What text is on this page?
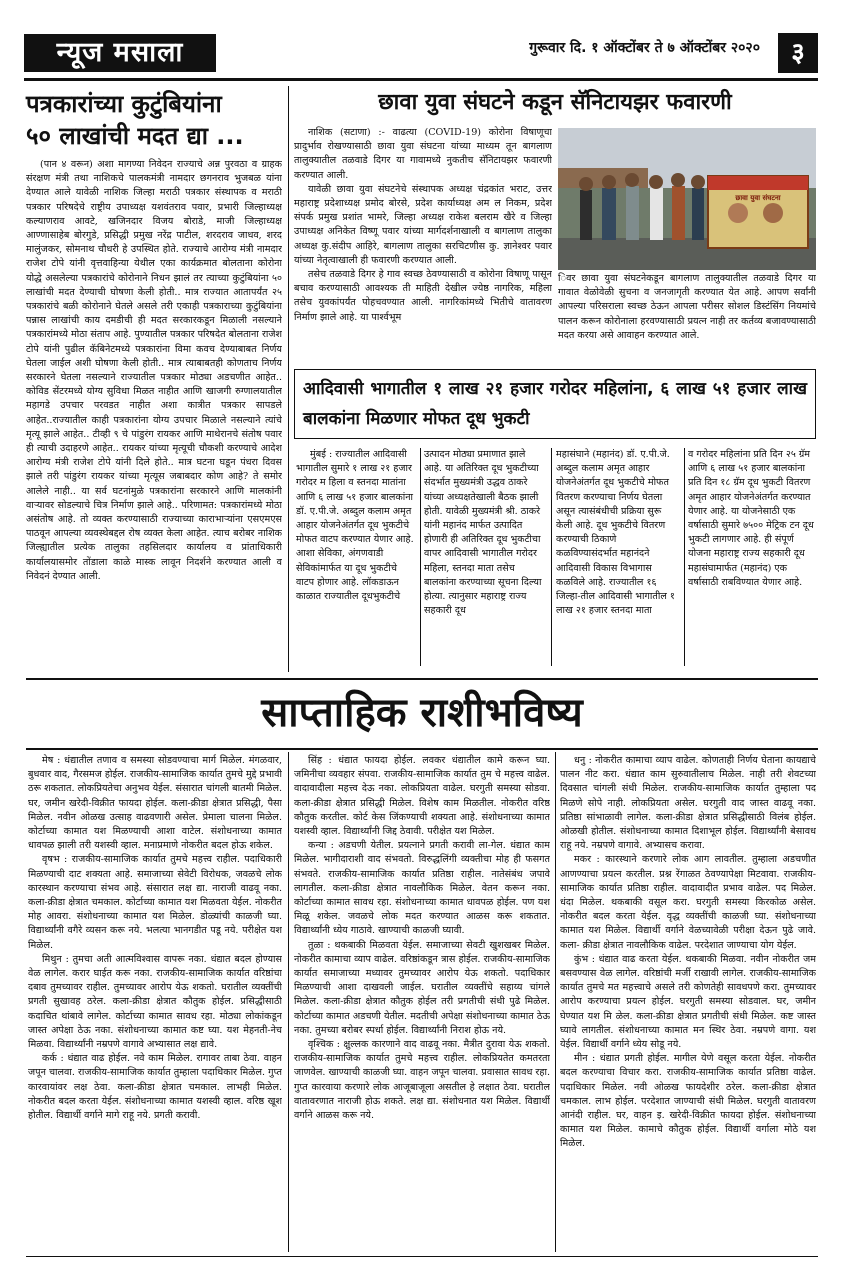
न्यूज मसाला	गुरूवार दि. १ ऑक्टोंबर ते ७ ऑक्टोंबर २०२०	३
पत्रकारांच्या कुटुंबियांना
५० लाखांची मदत द्या ...

(पान ४ वरून) अशा मागण्या निवेदन राज्याचे अन्न पुरवठा व ग्राहक संरक्षण मंत्री तथा नाशिकचे पालकमंत्री नामदार छगनराव भुजबळ यांना देण्यात आले यावेळी नाशिक जिल्हा मराठी पत्रकार संस्थापक व मराठी पत्रकार परिषदेचे राष्ट्रीय उपाध्यक्ष यशवंतराव पवार, प्रभारी जिल्हाध्यक्ष कल्याणराव आवटे, खजिनदार विजय बोराडे, माजी जिल्हाध्यक्ष आण्णासाहेब बोरगुडे, प्रसिद्धी प्रमुख नरेंद्र पाटील, शरदराव जाधव, शरद मालुंजकर, सोमनाथ चौधरी हे उपस्थित होते. राज्याचे आरोग्य मंत्री नामदार राजेश टोपे यांनी वृत्तवाहिन्या येथील एका कार्यक्रमात बोलताना कोरोना योद्धे असलेल्या पत्रकारांचे कोरोनाने निधन झालं तर त्याच्या कुटुंबियांना ५० लाखांची मदत देण्याची घोषणा केली होती.. मात्र राज्यात आतापर्यंत २५ पत्रकारांचे बळी कोरोनाने घेतले असले तरी एकाही पत्रकाराच्या कुटुंबियांना पन्नास लाखांची काय दमडीची ही मदत सरकारकडून मिळाली नसल्याने पत्रकारांमध्ये मोठा संताप आहे. पुण्यातील पत्रकार परिषदेत बोलताना राजेश टोपे यांनी पुढील कॅबिनेटमध्ये पत्रकारांना विमा कवच देण्याबाबत निर्णय घेतला जाईल अशी घोषणा केली होती.. मात्र त्याबाबतही कोणताच निर्णय सरकारने घेतला नसल्याने राज्यातील पत्रकार मोठ्या अडचणीत आहेत.. कोविड सेंटरमध्ये योग्य सुविधा मिळत नाहीत आणि खाजगी रुग्णालयातील महागडे उपचार परवडत नाहीत अशा कात्रीत पत्रकार सापडले आहेत..राज्यातील काही पत्रकारांना योग्य उपचार मिळाले नसल्याने त्यांचे मृत्यू झाले आहेत.. टीव्ही ९ चे पांडुरंग रायकर आणि माथेरानचे संतोष पवार ही त्याची उदाहरणे आहेत.. रायकर यांच्या मृत्यूची चौकशी करण्याचे आदेश आरोग्य मंत्री राजेश टोपे यांनी दिले होते.. मात्र घटना घडून पंधरा दिवस झाले तरी पांडुरंग रायकर यांच्या मृत्यूस जबाबदार कोण आहे? ते समोर आलेले नाही.. या सर्व घटनांमुळे पत्रकारांना सरकारने आणि मालकांनी वाऱ्यावर सोडल्याचे चित्र निर्माण झाले आहे.. परिणामत: पत्रकारांमध्ये मोठा असंतोष आहे. तो व्यक्त करण्यासाठी राज्याच्या काराभाऱ्यांना एसएमएस पाठवून आपल्या व्यवस्थेबद्दल रोष व्यक्त केला आहेत. त्याच बरोबर नाशिक जिल्ह्यातील प्रत्येक तालुका तहसिलदार कार्यालय व प्रांताधिकारी कार्यालयासमोर तोंडाला काळे मास्क लावून निदर्शने करण्यात आली व निवेदनं देण्यात आली.

छावा युवा संघटने कडून सॅनिटायझर फवारणी

नाशिक (सटाणा) :- वाढत्या (COVID-19) कोरोना विषाणूचा प्रादुर्भाव रोखण्यासाठी छावा युवा संघटना यांच्या माध्यम तून बागलाण तालुक्यातील तळवाडे दिगर या गावामध्ये नुकतीच सॅनिटायझर फवारणी करण्यात आली.

यावेळी छावा युवा संघटनेचे संस्थापक अध्यक्ष चंद्रकांत भराट, उत्तर महाराष्ट्र प्रदेशाध्यक्ष प्रमोद बोरसे, प्रदेश कार्याध्यक्ष अम ल निकम, प्रदेश संपर्क प्रमुख प्रशांत भामरे, जिल्हा अध्यक्ष राकेश बलराम खैरे व जिल्हा उपाध्यक्ष अनिकेत विष्णू पवार यांच्या मार्गदर्शनाखाली व बागलाण तालुका अध्यक्ष कु.संदीप आहिरे, बागलाण तालुका सरचिटणीस कु. ज्ञानेश्वर पवार यांच्या नेतृत्वाखाली ही फवारणी करण्यात आली.

तसेच तळवाडे दिगर हे गाव स्वच्छ ठेवण्यासाठी व कोरोना विषाणू पासून बचाव करण्यासाठी आवश्यक ती माहिती देखील ज्येष्ठ नागरिक, महिला तसेच युवकांपर्यंत पोहचवण्यात आली. नागरिकांमध्ये भितीचे वातावरण निर्माण झाले आहे. या पार्श्वभूम

छावा युवा संघटना

िवर छावा युवा संघटनेकडून बागलाण तालुक्यातील तळवाडे दिगर या गावात वेळोवेळी सुचना व जनजागृती करण्यात येत आहे. आपण सर्वांनी आपल्या परिसराला स्वच्छ ठेऊन आपला परीसर सोशल डिस्टंसिंग नियमांचे पालन करून कोरोनाला हरवण्यासाठी प्रयत्न नाही तर कर्तव्य बजावण्यासाठी मदत करया असे आवाहन करण्यात आले.

आदिवासी भागातील १ लाख २१ हजार गरोदर महिलांना, ६ लाख ५१ हजार लाख बालकांना मिळणार मोफत दूध भुकटी

मुंबई : राज्यातील आदिवासी भागातील सुमारे १ लाख २१ हजार गरोदर म हिला व स्तनदा मातांना आणि ६ लाख ५१ हजार बालकांना डॉ. ए.पी.जे. अब्दुल कलाम अमृत आहार योजनेअंतर्गत दूध भुकटीचे मोफत वाटप करण्यात येणार आहे. आशा सेविका, अंगणवाडी सेविकांमार्फत या दूध भुकटीचे वाटप होणार आहे. लॉकडाऊन काळात राज्यातील दूधभुकटीचे

उत्पादन मोठ्या प्रमाणात झाले आहे. या अतिरिक्त दूध भुकटीच्या संदर्भात मुख्यमंत्री उद्धव ठाकरे यांच्या अध्यक्षतेखाली बैठक झाली होती. यावेळी मुख्यमंत्री श्री. ठाकरे यांनी महानंद मार्फत उत्पादित होणारी ही अतिरिक्त दूध भुकटीचा वापर आदिवासी भागातील गरोदर महिला, स्तनदा माता तसेच बालकांना करण्याच्या सूचना दिल्या होत्या. त्यानुसार महाराष्ट्र राज्य सहकारी दूध

महासंघाने (महानंद) डॉ. ए.पी.जे. अब्दुल कलाम अमृत आहार योजनेअंतर्गत दूध भुकटीचे मोफत वितरण करण्याचा निर्णय घेतला असून त्यासंबंधीची प्रक्रिया सुरू केली आहे. दूध भुकटीचे वितरण करण्याची ठिकाणे कळविण्यासंदर्भात महानंदने आदिवासी विकास विभागास कळविले आहे. राज्यातील १६ जिल्हा-तील आदिवासी भागातील १ लाख २१ हजार स्तनदा माता

व गरोदर महिलांना प्रति दिन २५ ग्रॅम आणि ६ लाख ५१ हजार बालकांना प्रति दिन १८ ग्रॅम दूध भुकटी वितरण अमृत आहार योजनेअंतर्गत करण्यात येणार आहे. या योजनेसाठी एक वर्षासाठी सुमारे ७५०० मेट्रिक टन दूध भुकटी लागणार आहे. ही संपूर्ण योजना महाराष्ट्र राज्य सहकारी दूध महासंघामार्फत (महानंद) एक वर्षासाठी राबविण्यात येणार आहे.

साप्ताहिक राशीभविष्य

मेष : धंद्यातील तणाव व समस्या सोडवण्याचा मार्ग मिळेल. मंगळवार, बुधवार वाद, गैरसमज होईल. राजकीय-सामाजिक कार्यात तुमचे मुद्दे प्रभावी ठरू शकतात. लोकप्रियतेचा अनुभव येईल. संसारात चांगली बातमी मिळेल. घर, जमीन खरेदी-विक्रीत फायदा होईल. कला-क्रीडा क्षेत्रात प्रसिद्धी, पैसा मिळेल. नवीन ओळख उत्साह वाढवणारी असेल. प्रेमाला चालना मिळेल. कोर्टाच्या कामात यश मिळण्याची आशा वाटेल. संशोधनाच्या कामात धावपळ झाली तरी यशस्वी व्हाल. मनाप्रमाणे नोकरीत बदल होऊ शकेल.

वृषभ : राजकीय-सामाजिक कार्यात तुमचे महत्त्व राहील. पदाधिकारी मिळण्याची दाट शक्यता आहे. समाजाच्या सेवेटी विरोधक, जवळचे लोक कारस्थान करण्याचा संभव आहे. संसारात लक्ष द्या. नाराजी वाढवू नका. कला-क्रीडा क्षेत्रात चमकाल. कोर्टाच्या कामात यश मिळवता येईल. नोकरीत मोह आवरा. संशोधनाच्या कामात यश मिळेल. डोळ्यांची काळजी घ्या. विद्यार्थ्यांनी वगैरे व्यसन करू नये. भलत्या भानगडीत पडू नये. परीक्षेत यश मिळेल.

मिथुन : तुमचा अती आत्मविश्वास वापरू नका. धंद्यात बदल होण्यास वेळ लागेल. करार घाईत करू नका. राजकीय-सामाजिक कार्यात वरिष्ठांचा दबाव तुमच्यावर राहील. तुमच्यावर आरोप येऊ शकतो. घरातील व्यक्तींची प्रगती सुखावह ठरेल. कला-क्रीडा क्षेत्रात कौतुक होईल. प्रसिद्धीसाठी कदाचित थांबावे लागेल. कोर्टाच्या कामात सावध रहा. मोठ्या लोकांकडून जास्त अपेक्षा ठेऊ नका. संशोधनाच्या कामात कष्ट घ्या. यश मेहनती-नेच मिळवा. विद्यार्थ्यांनी नम्रपणे वागावे अभ्यासात लक्ष द्यावे.

कर्क : धंद्यात वाढ होईल. नवे काम मिळेल. रागावर ताबा ठेवा. वाहन जपून चालवा. राजकीय-सामाजिक कार्यात तुम्हाला पदाधिकार मिळेल. गुप्त कारवायांवर लक्ष ठेवा. कला-क्रीडा क्षेत्रात चमकाल. लाभही मिळेल. नोकरीत बदल करता येईल. संशोधनाच्या कामात यशस्वी व्हाल. वरिष्ठ खूश होतील. विद्यार्थी वर्गाने मागे राहू नये. प्रगती करावी.

सिंह : धंद्यात फायदा होईल. लवकर धंद्यातील कामे करून घ्या. जमिनीचा व्यवहार संपवा. राजकीय-सामाजिक कार्यात तुम चे महत्त्व वाढेल. वादावादीला महत्त्व देऊ नका. लोकप्रियता वाढेल. घरगुती समस्या सोडवा. कला-क्रीडा क्षेत्रात प्रसिद्धी मिळेल. विशेष काम मिळतील. नोकरीत वरिष्ठ कौतुक करतील. कोर्ट केस जिंकण्याची शक्यता आहे. संशोधनाच्या कामात यशस्वी व्हाल. विद्यार्थ्यांनी जिद्द ठेवावी. परीक्षेत यश मिळेल.

कन्या : अडचणी येतील. प्रयत्नाने प्रगती करावी ला-गेल. धंद्यात काम मिळेल. भागीदाराशी वाद संभवतो. विरुद्धलिंगी व्यक्तीचा मोह ही फसगत संभवते. राजकीय-सामाजिक कार्यात प्रतिष्ठा राहील. नातेसंबंध जपावे लागतील. कला-क्रीडा क्षेत्रात नावलौकिक मिळेल. वेतन करून नका. कोर्टाच्या कामात सावध रहा. संशोधनाच्या कामात धावपळ होईल. पण यश मिळू शकेल. जवळचे लोक मदत करण्यात आळस करू शकतात. विद्यार्थ्यांनी ध्येय गाठावे. खाण्याची काळजी घ्यावी.

तुळा : थकबाकी मिळवता येईल. समाजाच्या सेवटी खुशखबर मिळेल. नोकरीत कामाचा व्याप वाढेल. वरिष्ठांकडून त्रास होईल. राजकीय-सामाजिक कार्यात समाजाच्या मध्यावर तुमच्यावर आरोप येऊ शकतो. पदाधिकार मिळण्याची आशा दाखवली जाईल. घरातील व्यक्तींचे सहाय्य चांगले मिळेल. कला-क्रीडा क्षेत्रात कौतुक होईल तरी प्रगतीची संधी पुढे मिळेल. कोर्टाच्या कामात अडचणी येतील. मदतीची अपेक्षा संशोधनाच्या कामात ठेऊ नका. तुमच्या बरोबर स्पर्धा होईल. विद्यार्थ्यांनी निराश होऊ नये.

वृश्चिक : क्षुल्लक कारणाने वाद वाढवू नका. मैत्रीत दुरावा येऊ शकतो. राजकीय-सामाजिक कार्यात तुमचे महत्त्व राहील. लोकप्रियतेत कमतरता जाणवेल. खाण्याची काळजी घ्या. वाहन जपून चालवा. प्रवासात सावध रहा. गुप्त कारवाया करणारे लोक आजूबाजूला असतील हे लक्षात ठेवा. घरातील वातावरणात नाराजी होऊ शकते. लक्ष द्या. संशोधनात यश मिळेल. विद्यार्थी वर्गाने आळस करू नये.

धनु : नोकरीत कामाचा व्याप वाढेल. कोणताही निर्णय घेताना कायद्याचे पालन नीट करा. धंद्यात काम सुरुवातीलाच मिळेल. नाही तरी शेवटच्या दिवसात चांगली संधी मिळेल. राजकीय-सामाजिक कार्यात तुम्हाला पद मिळणे सोपे नाही. लोकप्रियता असेल. घरगुती वाद जास्त वाढवू नका. प्रतिष्ठा सांभाळावी लागेल. कला-क्रीडा क्षेत्रात प्रसिद्धीसाठी विलंब होईल. ओळखी होतील. संशोधनाच्या कामात दिशाभूल होईल. विद्यार्थ्यांनी बेसावध राहू नये. नम्रपणे वागावे. अभ्यासच करावा.

मकर : कारस्थाने करणारे लोक आग लावतील. तुम्हाला अडचणीत आणण्याचा प्रयत्न करतील. प्रश्न रेंगाळत ठेवण्यापेक्षा मिटवावा. राजकीय-सामाजिक कार्यात प्रतिष्ठा राहील. वादावादीत प्रभाव वाढेल. पद मिळेल. धंदा मिळेल. थकबाकी वसूल करा. घरगुती समस्या किरकोळ असेल. नोकरीत बदल करता येईल. वृद्ध व्यक्तींची काळजी घ्या. संशोधनाच्या कामात यश मिळेल. विद्यार्थी वर्गाने वेळच्यावेळी परीक्षा देऊन पुढे जावे. कला- क्रीडा क्षेत्रात नावलौकिक वाढेल. परदेशात जाण्याचा योग येईल.

कुंभ : धंद्यात वाढ करता येईल. थकबाकी मिळवा. नवीन नोकरीत जम बसवण्यास वेळ लागेल. वरिष्ठांची मर्जी राखावी लागेल. राजकीय-सामाजिक कार्यात तुमचे मत महत्त्वाचे असले तरी कोणतेही सावधपणे करा. तुमच्यावर आरोप करण्याचा प्रयत्न होईल. घरगुती समस्या सोडवाल. घर, जमीन घेण्यात यश मि ळेल. कला-क्रीडा क्षेत्रात प्रगतीची संधी मिळेल. कष्ट जास्त घ्यावे लागतील. संशोधनाच्या कामात मन स्थिर ठेवा. नम्रपणे वागा. यश येईल. विद्यार्थी वर्गाने ध्येय सोडू नये.

मीन : धंद्यात प्रगती होईल. मागील येणे वसूल करता येईल. नोकरीत बदल करण्याचा विचार करा. राजकीय-सामाजिक कार्यात प्रतिष्ठा वाढेल. पदाधिकार मिळेल. नवी ओळख फायदेशीर ठरेल. कला-क्रीडा क्षेत्रात चमकाल. लाभ होईल. परदेशात जाण्याची संधी मिळेल. घरगुती वातावरण आनंदी राहील. घर, वाहन इ. खरेदी-विक्रीत फायदा होईल. संशोधनाच्या कामात यश मिळेल. कामाचे कौतुक होईल. विद्यार्थी वर्गाला मोठे यश मिळेल.
